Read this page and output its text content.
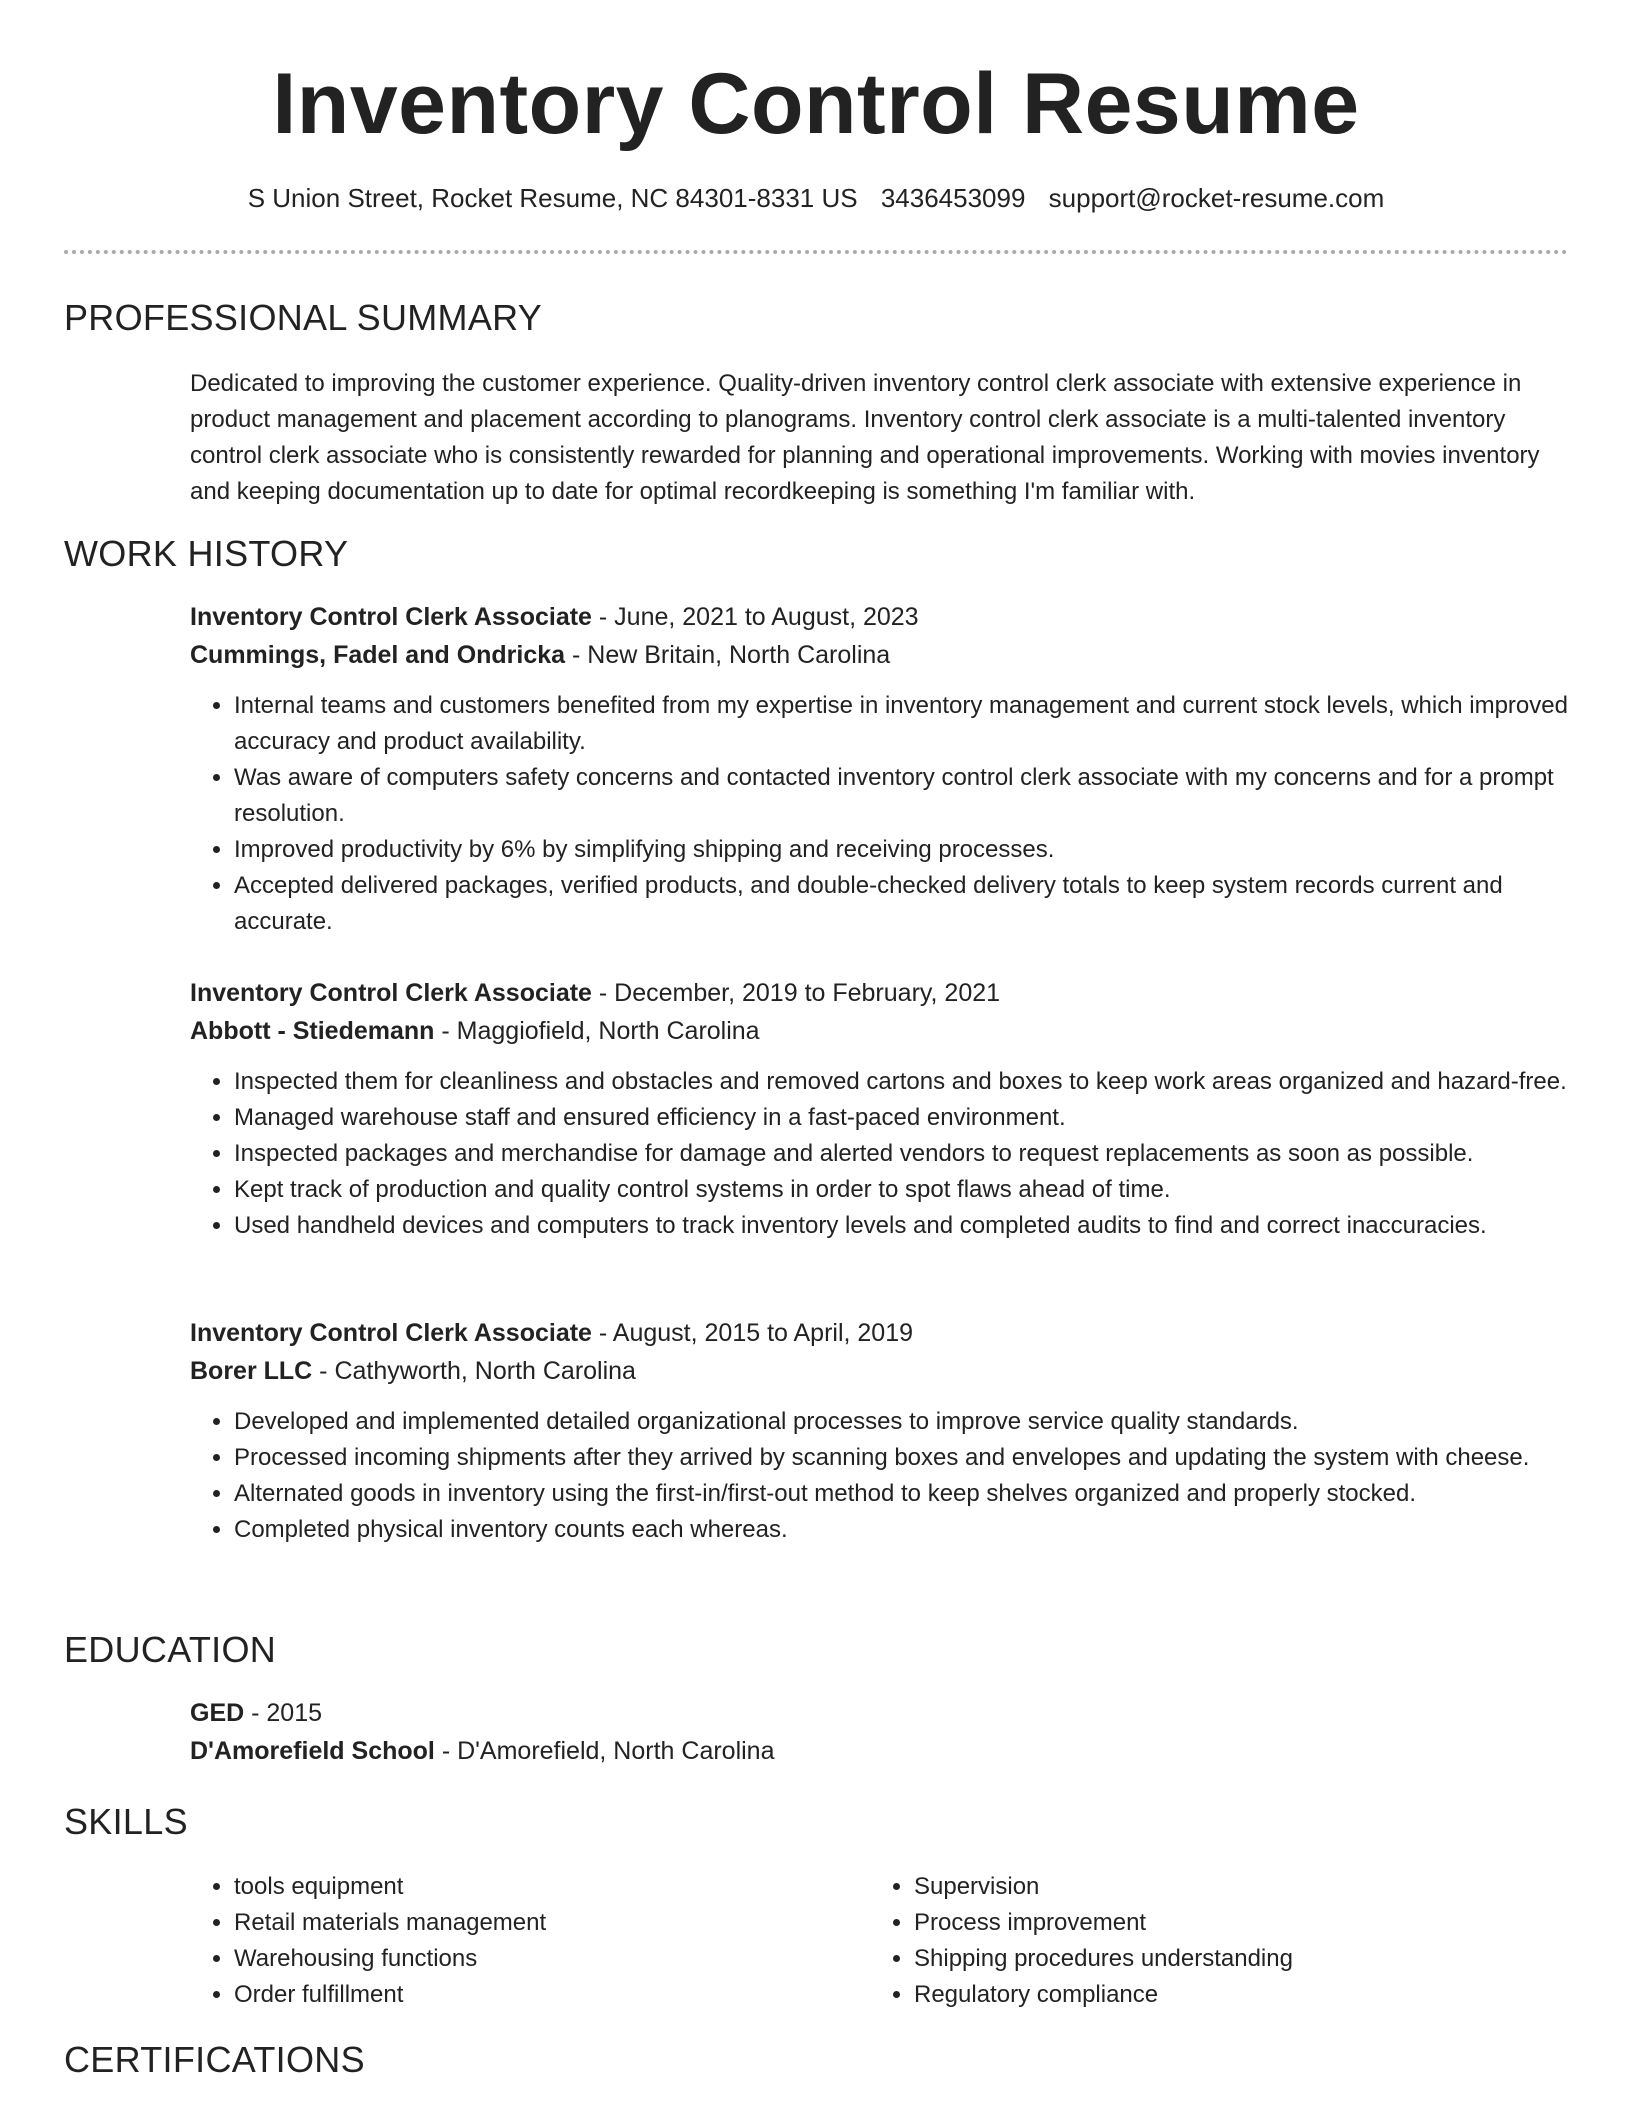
Inventory Control Resume
S Union Street, Rocket Resume, NC 84301-8331 US 3436453099 support@rocket-resume.com
PROFESSIONAL SUMMARY

Dedicated to improving the customer experience. Quality-driven inventory control clerk associate with extensive experience in product management and placement according to planograms. Inventory control clerk associate is a multi-talented inventory control clerk associate who is consistently rewarded for planning and operational improvements. Working with movies inventory and keeping documentation up to date for optimal recordkeeping is something I'm familiar with.

WORK HISTORY

Inventory Control Clerk Associate - June, 2021 to August, 2023

Cummings, Fadel and Ondricka - New Britain, North Carolina

• Internal teams and customers benefited from my expertise in inventory management and current stock levels, which improved accuracy and product availability.
• Was aware of computers safety concerns and contacted inventory control clerk associate with my concerns and for a prompt resolution.
• Improved productivity by 6% by simplifying shipping and receiving processes.
• Accepted delivered packages, verified products, and double-checked delivery totals to keep system records current and accurate.

Inventory Control Clerk Associate - December, 2019 to February, 2021

Abbott - Stiedemann - Maggiofield, North Carolina

• Inspected them for cleanliness and obstacles and removed cartons and boxes to keep work areas organized and hazard-free.
• Managed warehouse staff and ensured efficiency in a fast-paced environment.
• Inspected packages and merchandise for damage and alerted vendors to request replacements as soon as possible.
• Kept track of production and quality control systems in order to spot flaws ahead of time.
• Used handheld devices and computers to track inventory levels and completed audits to find and correct inaccuracies.

Inventory Control Clerk Associate - August, 2015 to April, 2019

Borer LLC - Cathyworth, North Carolina

• Developed and implemented detailed organizational processes to improve service quality standards.
• Processed incoming shipments after they arrived by scanning boxes and envelopes and updating the system with cheese.
• Alternated goods in inventory using the first-in/first-out method to keep shelves organized and properly stocked.
• Completed physical inventory counts each whereas.
EDUCATION

GED - 2015

D'Amorefield School - D'Amorefield, North Carolina

SKILLS
• tools equipment
• Retail materials management
• Warehousing functions
• Order fulfillment
• Supervision
• Process improvement
• Shipping procedures understanding
• Regulatory compliance
CERTIFICATIONS
